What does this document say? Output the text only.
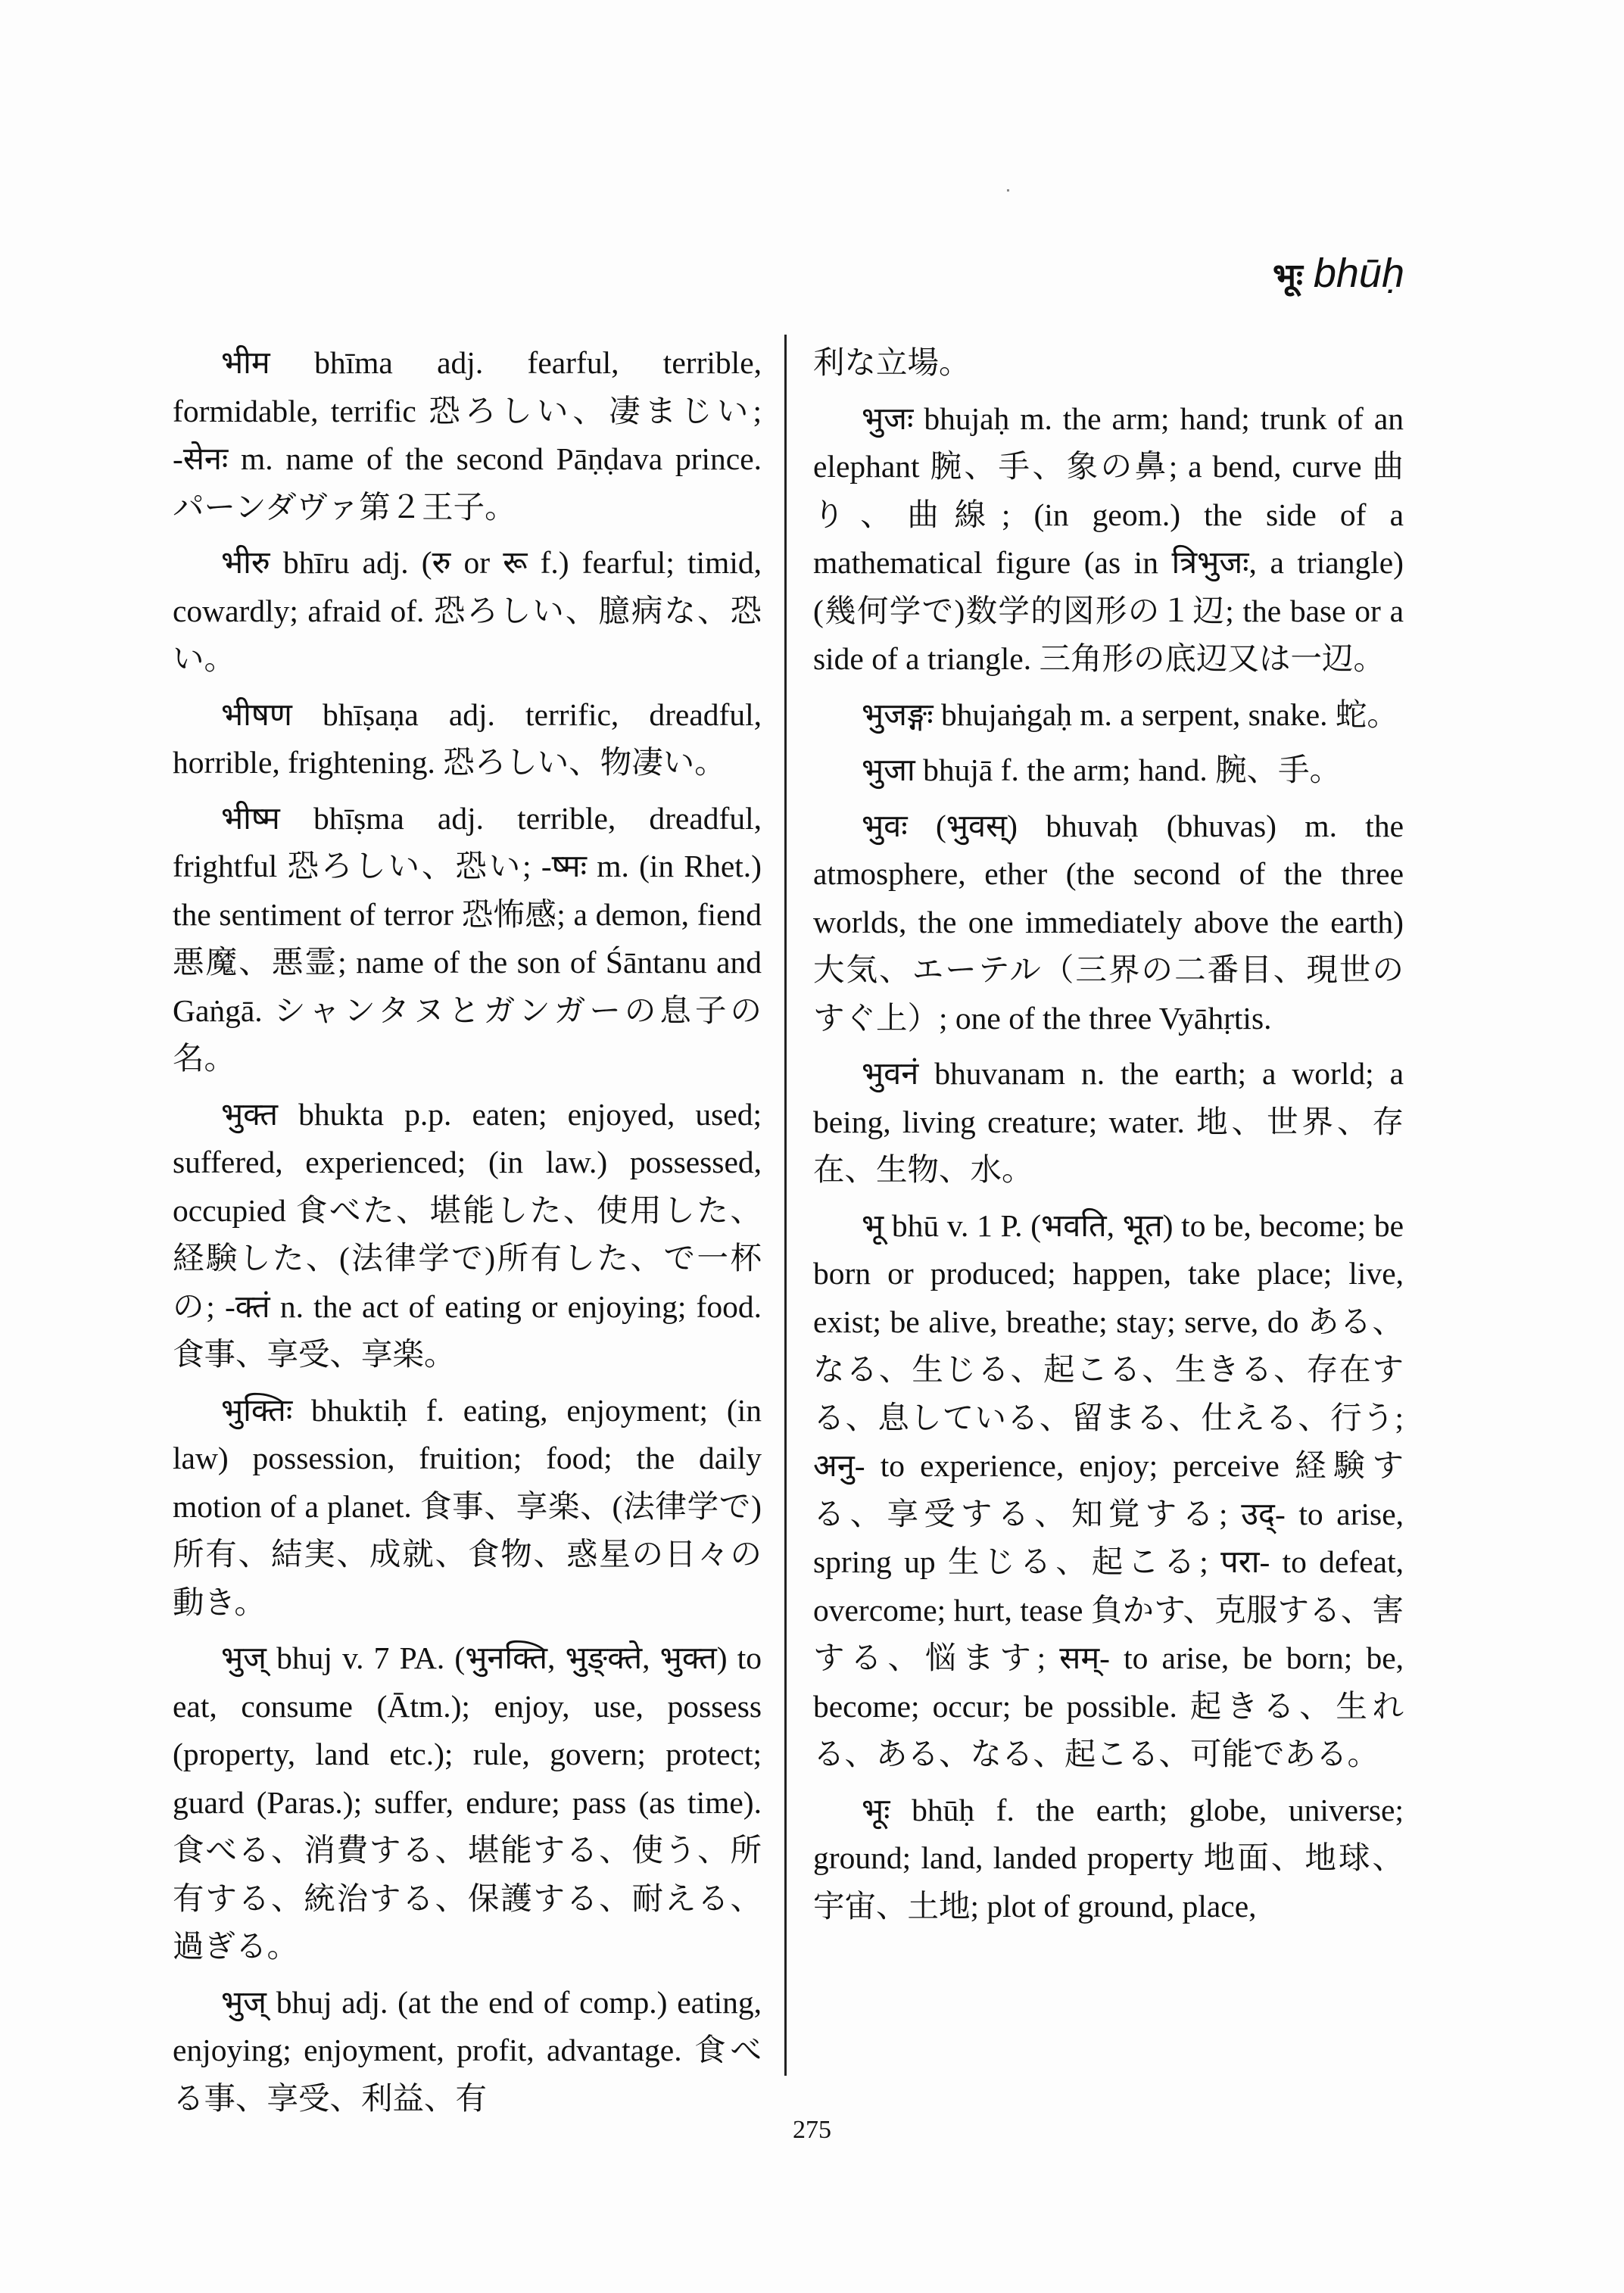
भूः bhūḥ

भीम bhīma adj. fearful, terrible, formidable, terrific 恐ろしい、凄まじい; -सेनः m. name of the second Pāṇḍava prince. パーンダヴァ第２王子。

भीरु bhīru adj. (रु or रू f.) fearful; timid, cowardly; afraid of. 恐ろしい、臆病な、恐い。

भीषण bhīṣaṇa adj. terrific, dreadful, horrible, frightening. 恐ろしい、物凄い。

भीष्म bhīṣma adj. terrible, dreadful, frightful 恐ろしい、恐い; -ष्मः m. (in Rhet.) the sentiment of terror 恐怖感; a demon, fiend 悪魔、悪霊; name of the son of Śāntanu and Gaṅgā. シャンタヌとガンガーの息子の名。

भुक्त bhukta p.p. eaten; enjoyed, used; suffered, experienced; (in law.) possessed, occupied 食べた、堪能した、使用した、経験した、(法律学で)所有した、で一杯の; -क्तं n. the act of eating or enjoying; food. 食事、享受、享楽。

भुक्तिः bhuktiḥ f. eating, enjoyment; (in law) possession, fruition; food; the daily motion of a planet. 食事、享楽、(法律学で)所有、結実、成就、食物、惑星の日々の動き。

भुज् bhuj v. 7 PA. (भुनक्ति, भुङ्क्ते, भुक्त) to eat, consume (Ātm.); enjoy, use, possess (property, land etc.); rule, govern; protect; guard (Paras.); suffer, endure; pass (as time). 食べる、消費する、堪能する、使う、所有する、統治する、保護する、耐える、過ぎる。

भुज् bhuj adj. (at the end of comp.) eating, enjoying; enjoyment, profit, advantage. 食べる事、享受、利益、有

利な立場。

भुजः bhujaḥ m. the arm; hand; trunk of an elephant 腕、手、象の鼻; a bend, curve 曲り、曲線; (in geom.) the side of a mathematical figure (as in त्रिभुजः, a triangle) (幾何学で)数学的図形の１辺; the base or a side of a triangle. 三角形の底辺又は一辺。

भुजङ्गः bhujaṅgaḥ m. a serpent, snake. 蛇。

भुजा bhujā f. the arm; hand. 腕、手。

भुवः (भुवस्) bhuvaḥ (bhuvas) m. the atmosphere, ether (the second of the three worlds, the one immediately above the earth) 大気、エーテル（三界の二番目、現世のすぐ上）; one of the three Vyāhṛtis.

भुवनं bhuvanam n. the earth; a world; a being, living creature; water. 地、世界、存在、生物、水。

भू bhū v. 1 P. (भवति, भूत) to be, become; be born or produced; happen, take place; live, exist; be alive, breathe; stay; serve, do ある、なる、生じる、起こる、生きる、存在する、息している、留まる、仕える、行う; अनु- to experience, enjoy; perceive 経験する、享受する、知覚する; उद्- to arise, spring up 生じる、起こる; परा- to defeat, overcome; hurt, tease 負かす、克服する、害する、悩ます; सम्- to arise, be born; be, become; occur; be possible. 起きる、生れる、ある、なる、起こる、可能である。

भूः bhūḥ f. the earth; globe, universe; ground; land, landed property 地面、地球、宇宙、土地; plot of ground, place,

275
